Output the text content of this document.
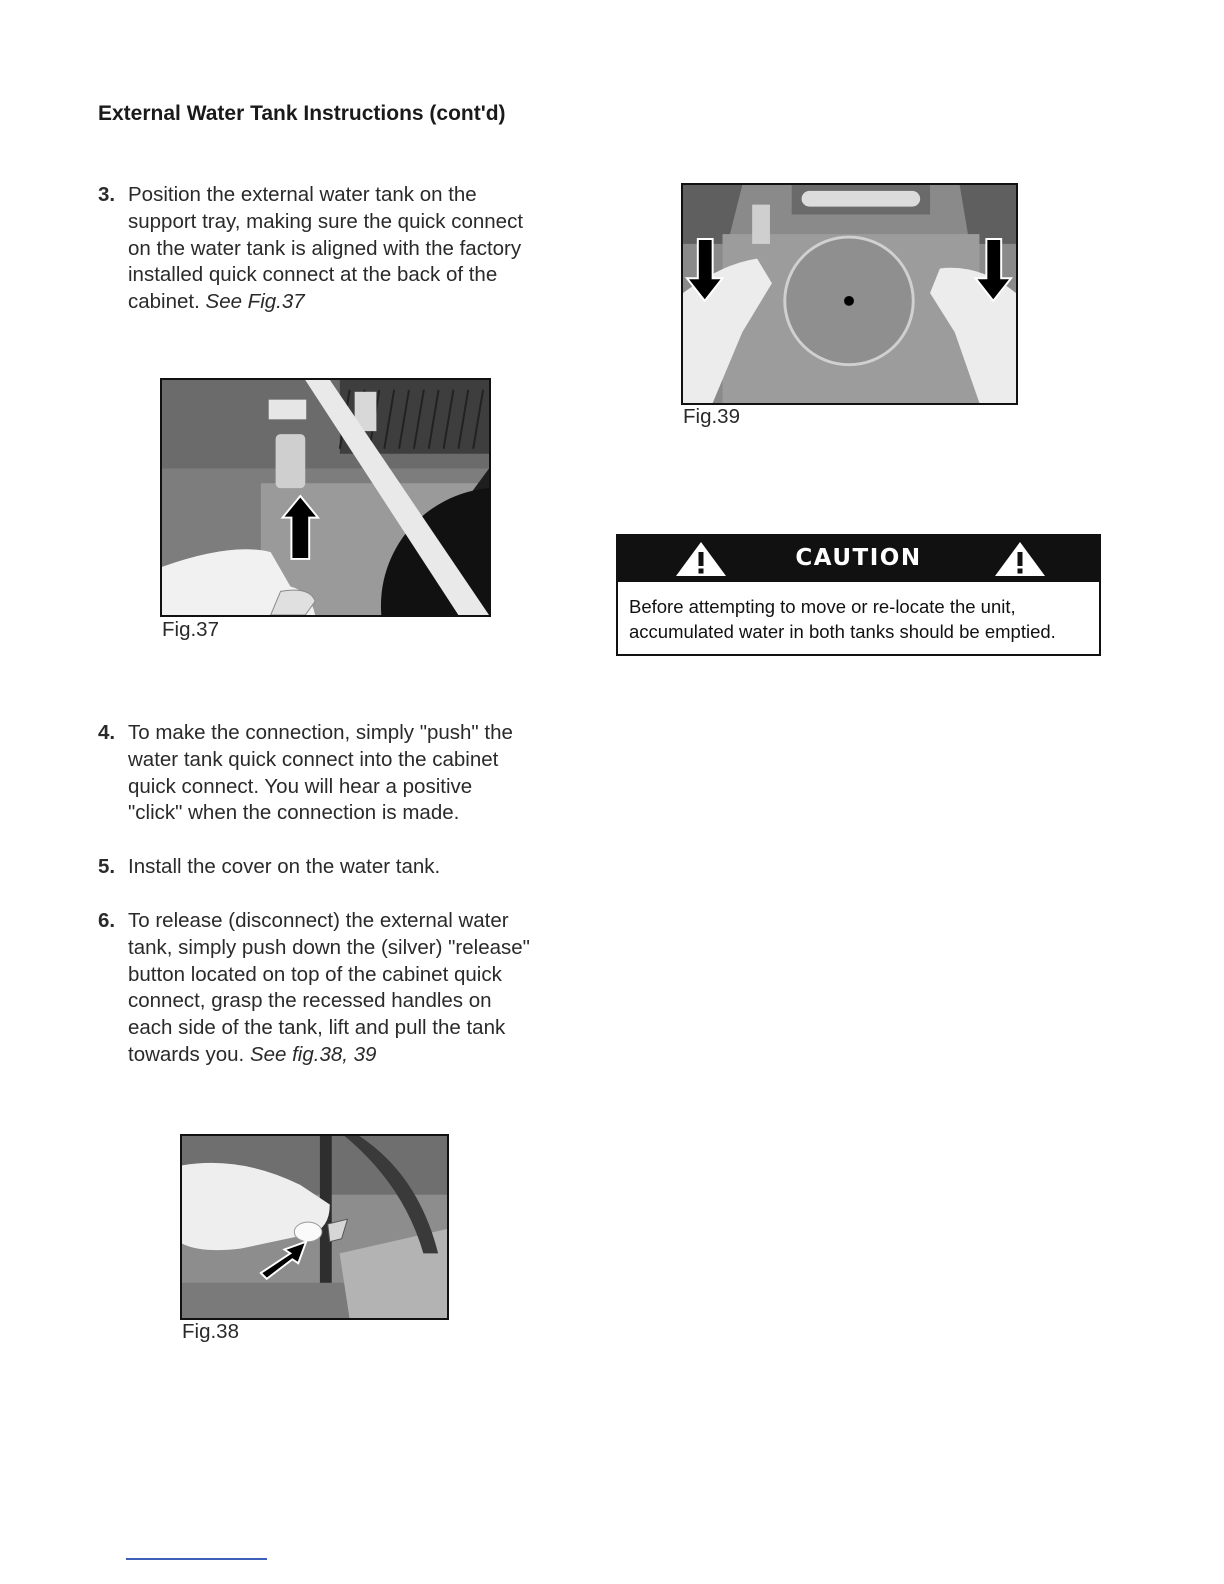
External Water Tank Instructions (cont'd)
3. Position the external water tank on the

support tray, making sure the quick connect

on the water tank is aligned with the factory

installed quick connect at the back of the

cabinet. See Fig.37

Fig.37
Fig.39
CAUTION

Before attempting to move or re-locate the unit,

accumulated water in both tanks should be emptied.

4. To make the connection, simply "push" the

water tank quick connect into the cabinet

quick connect. You will hear a positive

"click" when the connection is made.

5. Install the cover on the water tank.

6. To release (disconnect) the external water

tank, simply push down the (silver) "release"

button located on top of the cabinet quick

connect, grasp the recessed handles on

each side of the tank, lift and pull the tank

towards you. See fig.38, 39

Fig.38
